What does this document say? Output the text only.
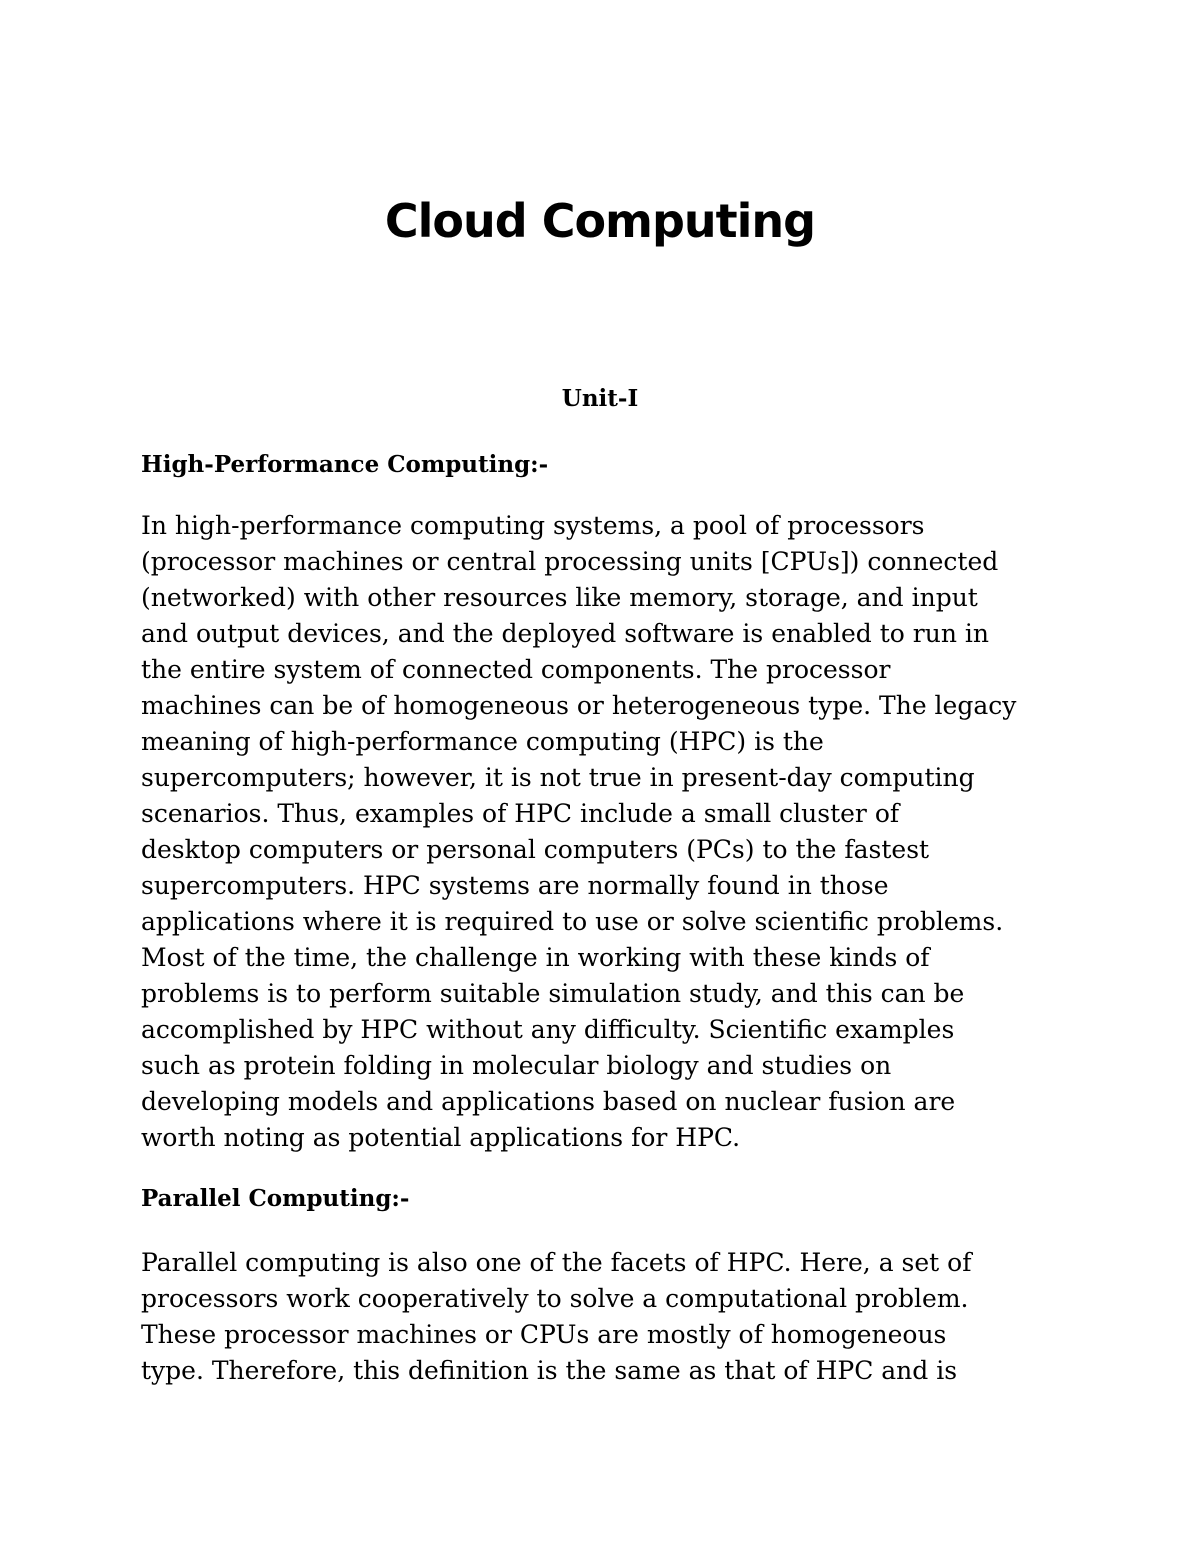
Cloud Computing
Unit-I
High-Performance Computing:-
In high-performance computing systems, a pool of processors
(processor machines or central processing units [CPUs]) connected
(networked) with other resources like memory, storage, and input
and output devices, and the deployed software is enabled to run in
the entire system of connected components. The processor
machines can be of homogeneous or heterogeneous type. The legacy
meaning of high-performance computing (HPC) is the
supercomputers; however, it is not true in present-day computing
scenarios. Thus, examples of HPC include a small cluster of
desktop computers or personal computers (PCs) to the fastest
supercomputers. HPC systems are normally found in those
applications where it is required to use or solve scientific problems.
Most of the time, the challenge in working with these kinds of
problems is to perform suitable simulation study, and this can be
accomplished by HPC without any difficulty. Scientific examples
such as protein folding in molecular biology and studies on
developing models and applications based on nuclear fusion are
worth noting as potential applications for HPC.
Parallel Computing:-
Parallel computing is also one of the facets of HPC. Here, a set of
processors work cooperatively to solve a computational problem.
These processor machines or CPUs are mostly of homogeneous
type. Therefore, this definition is the same as that of HPC and is
